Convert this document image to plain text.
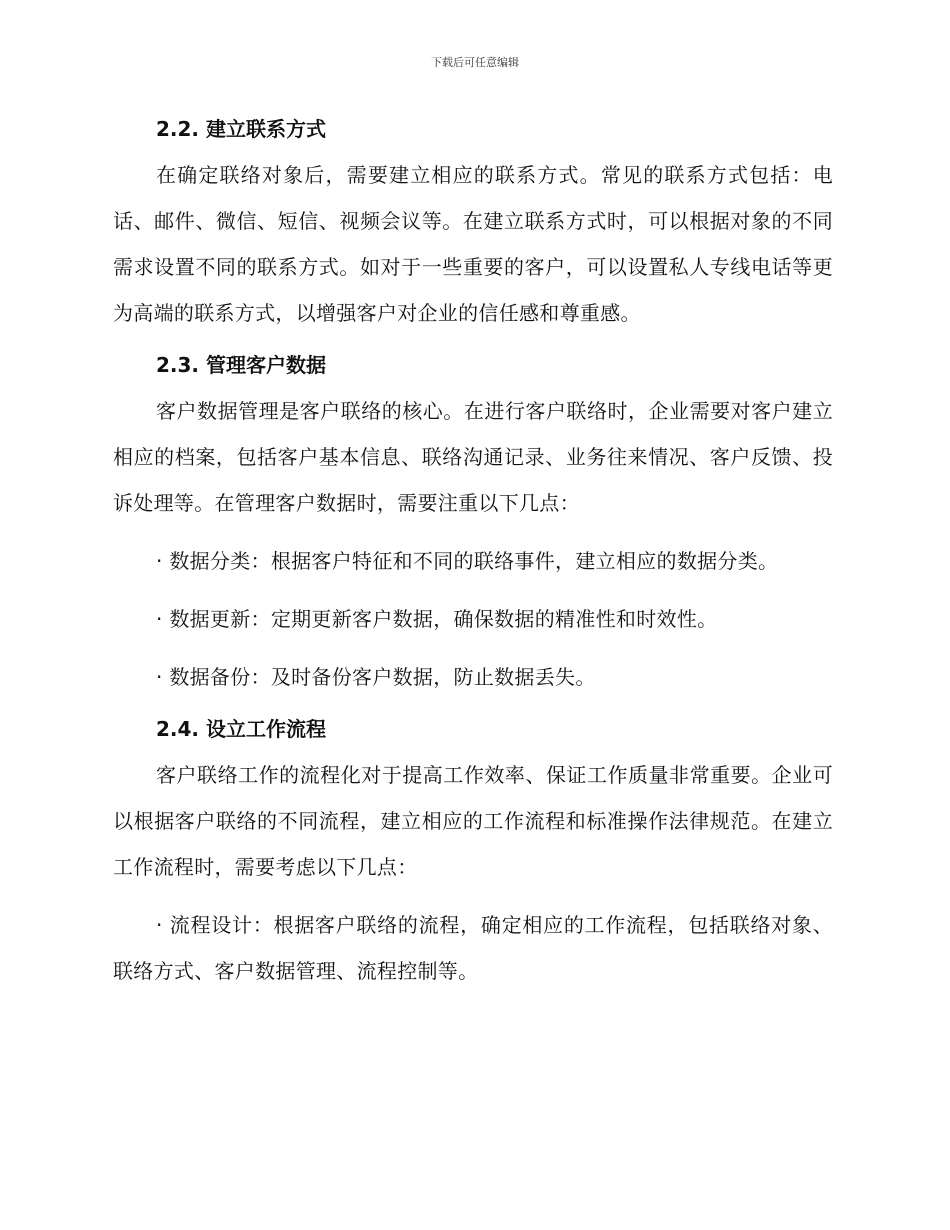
下载后可任意编辑
2.2. 建立联系方式

在确定联络对象后，需要建立相应的联系方式。常见的联系方式包括：电话、邮件、微信、短信、视频会议等。在建立联系方式时，可以根据对象的不同需求设置不同的联系方式。如对于一些重要的客户，可以设置私人专线电话等更为高端的联系方式，以增强客户对企业的信任感和尊重感。

2.3. 管理客户数据

客户数据管理是客户联络的核心。在进行客户联络时，企业需要对客户建立相应的档案，包括客户基本信息、联络沟通记录、业务往来情况、客户反馈、投诉处理等。在管理客户数据时，需要注重以下几点：

· 数据分类：根据客户特征和不同的联络事件，建立相应的数据分类。

· 数据更新：定期更新客户数据，确保数据的精准性和时效性。

· 数据备份：及时备份客户数据，防止数据丢失。

2.4. 设立工作流程

客户联络工作的流程化对于提高工作效率、保证工作质量非常重要。企业可以根据客户联络的不同流程，建立相应的工作流程和标准操作法律规范。在建立工作流程时，需要考虑以下几点：

· 流程设计：根据客户联络的流程，确定相应的工作流程，包括联络对象、联络方式、客户数据管理、流程控制等。
